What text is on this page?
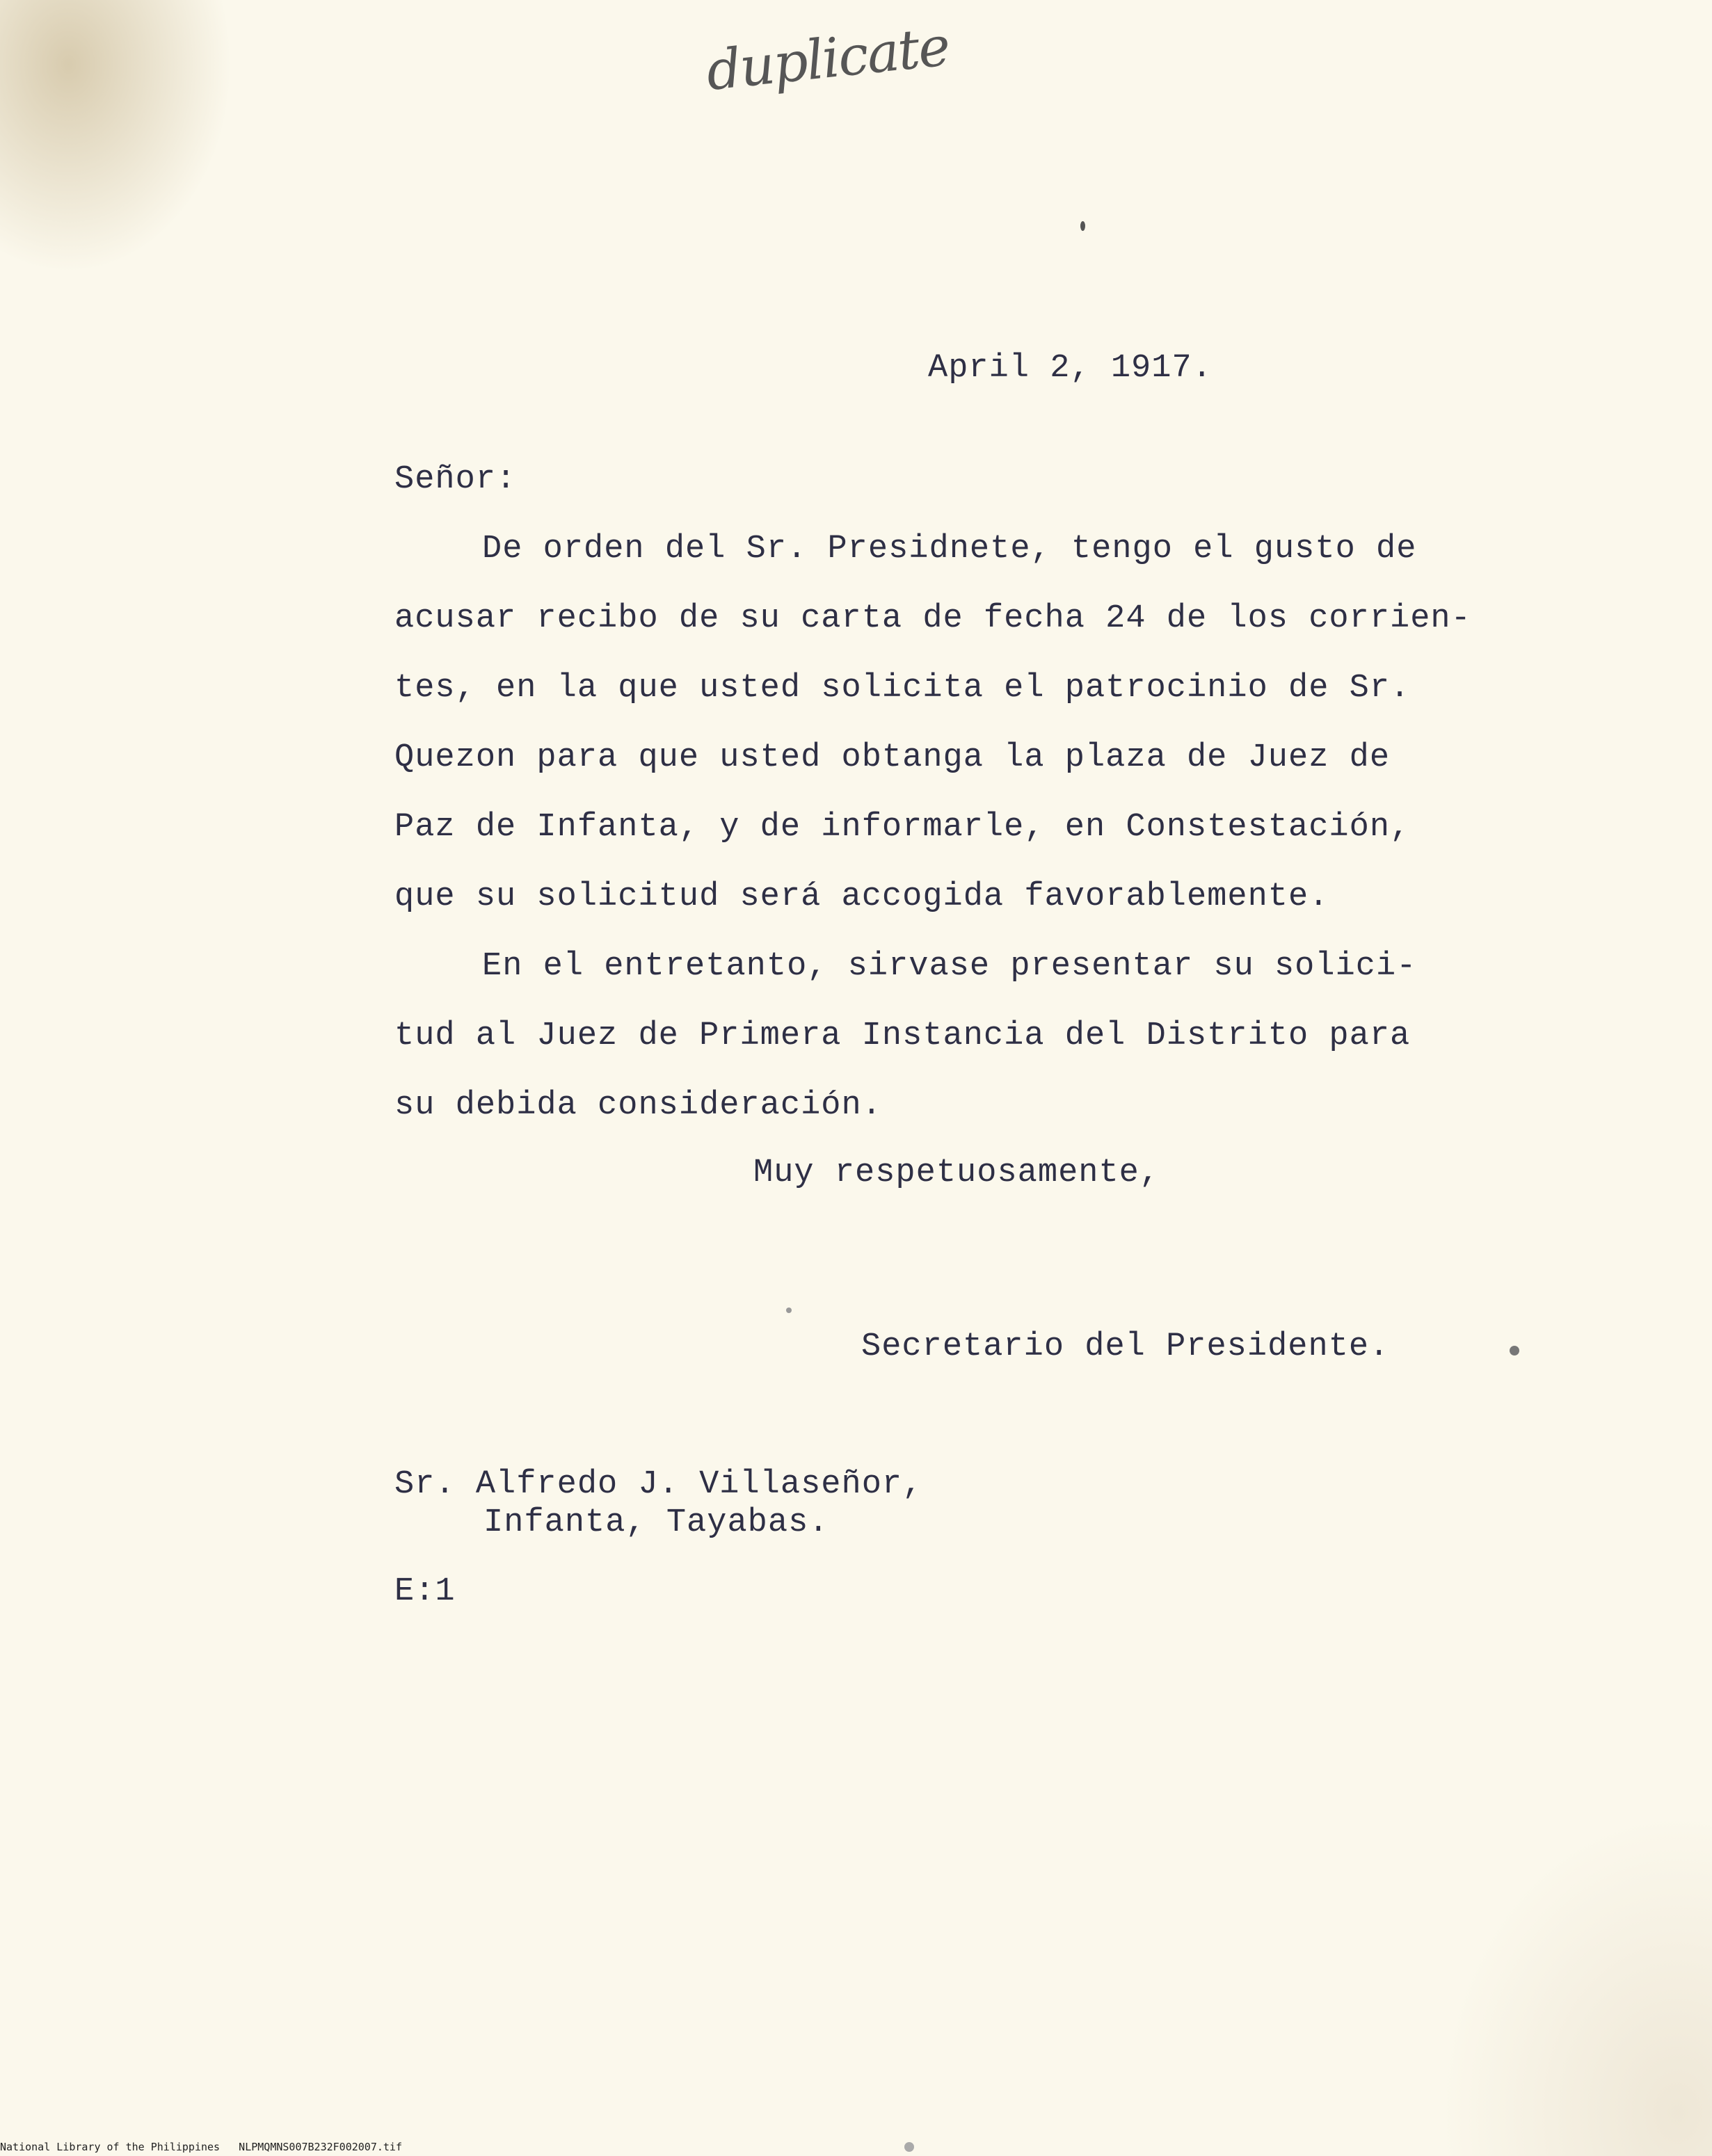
duplicate
April 2, 1917.
Señor:
De orden del Sr. Presidnete, tengo el gusto de
acusar recibo de su carta de fecha 24 de los corrien-
tes, en la que usted solicita el patrocinio de Sr.
Quezon para que usted obtanga la plaza de Juez de
Paz de Infanta, y de informarle, en Constestación,
que su solicitud será accogida favorablemente.
En el entretanto, sirvase presentar su solici-
tud al Juez de Primera Instancia del Distrito para
su debida consideración.
Muy respetuosamente,
Secretario del Presidente.
Sr. Alfredo J. Villaseñor,
Infanta, Tayabas.
E:1
National Library of the Philippines NLPMQMNS007B232F002007.tif
